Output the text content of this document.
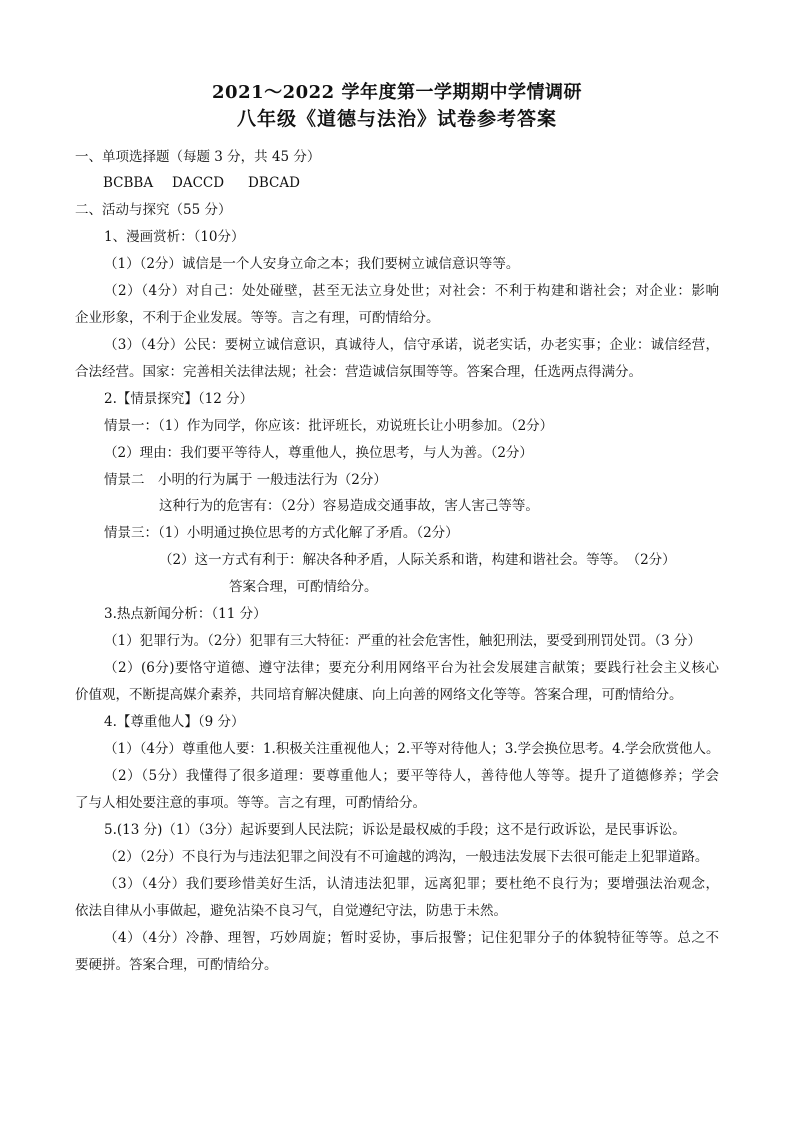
2021～2022 学年度第一学期期中学情调研
八年级《道德与法治》试卷参考答案
一、单项选择题（每题 3 分，共 45 分）
BCBBA DACCD DBCAD
二、活动与探究（55 分）
1、漫画赏析：（10分）
（1）（2分）诚信是一个人安身立命之本；我们要树立诚信意识等等。
（2）（4分）对自己：处处碰壁，甚至无法立身处世；对社会：不利于构建和谐社会；对企业：影响
企业形象，不利于企业发展。等等。言之有理，可酌情给分。
（3）（4分）公民：要树立诚信意识，真诚待人，信守承诺，说老实话，办老实事；企业：诚信经营，
合法经营。国家：完善相关法律法规；社会：营造诚信氛围等等。答案合理，任选两点得满分。
2.【情景探究】（12 分）
情景一：（1）作为同学，你应该：批评班长，劝说班长让小明参加。（2分）
（2）理由：我们要平等待人，尊重他人，换位思考，与人为善。（2分）
情景二　小明的行为属于 一般违法行为（2分）
这种行为的危害有：（2分）容易造成交通事故，害人害己等等。
情景三：（1）小明通过换位思考的方式化解了矛盾。（2分）
（2）这一方式有利于：解决各种矛盾，人际关系和谐，构建和谐社会。等等。　（2分）
答案合理，可酌情给分。
3.热点新闻分析：（11 分）
（1）犯罪行为。（2分）犯罪有三大特征：严重的社会危害性，触犯刑法，要受到刑罚处罚。（3 分）
（2）(6分)要恪守道德、遵守法律；要充分利用网络平台为社会发展建言献策；要践行社会主义核心
价值观，不断提高媒介素养，共同培育解决健康、向上向善的网络文化等等。答案合理，可酌情给分。
4.【尊重他人】（9 分）
（1）（4分）尊重他人要：1.积极关注重视他人；2.平等对待他人；3.学会换位思考。4.学会欣赏他人。
（2）（5分）我懂得了很多道理：要尊重他人；要平等待人，善待他人等等。提升了道德修养；学会
了与人相处要注意的事项。等等。言之有理，可酌情给分。
5.(13 分)（1）（3分）起诉要到人民法院；诉讼是最权威的手段；这不是行政诉讼，是民事诉讼。
（2）（2分）不良行为与违法犯罪之间没有不可逾越的鸿沟，一般违法发展下去很可能走上犯罪道路。
（3）（4分）我们要珍惜美好生活，认清违法犯罪，远离犯罪；要杜绝不良行为；要增强法治观念，
依法自律从小事做起，避免沾染不良习气，自觉遵纪守法，防患于未然。
（4）（4分）冷静、理智，巧妙周旋；暂时妥协，事后报警；记住犯罪分子的体貌特征等等。总之不
要硬拼。答案合理，可酌情给分。
